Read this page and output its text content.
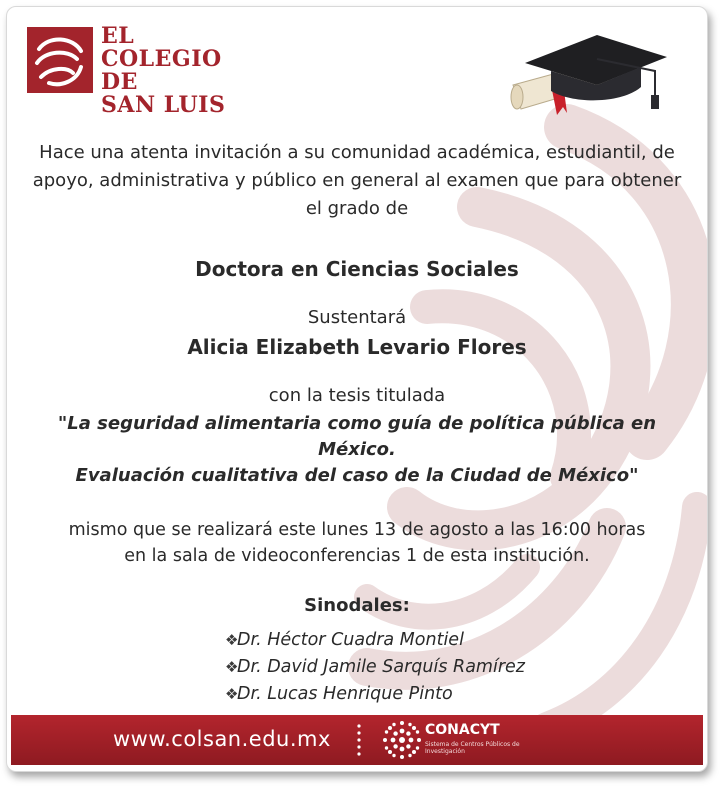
EL
COLEGIO
DE
SAN LUIS

Hace una atenta invitación a su comunidad académica, estudiantil, de apoyo, administrativa y público en general al examen que para obtener el grado de

Doctora en Ciencias Sociales

Sustentará

Alicia Elizabeth Levario Flores

con la tesis titulada

"La seguridad alimentaria como guía de política pública en México.
Evaluación cualitativa del caso de la Ciudad de México"
mismo que se realizará este lunes 13 de agosto a las 16:00 horas
en la sala de videoconferencias 1 de esta institución.

Sinodales:

❖
Dr. Héctor Cuadra Montiel
❖
Dr. David Jamile Sarquís Ramírez
❖
Dr. Lucas Henrique Pinto
www.colsan.edu.mx	CONACYT
Sistema de Centros Públicos de Investigación
